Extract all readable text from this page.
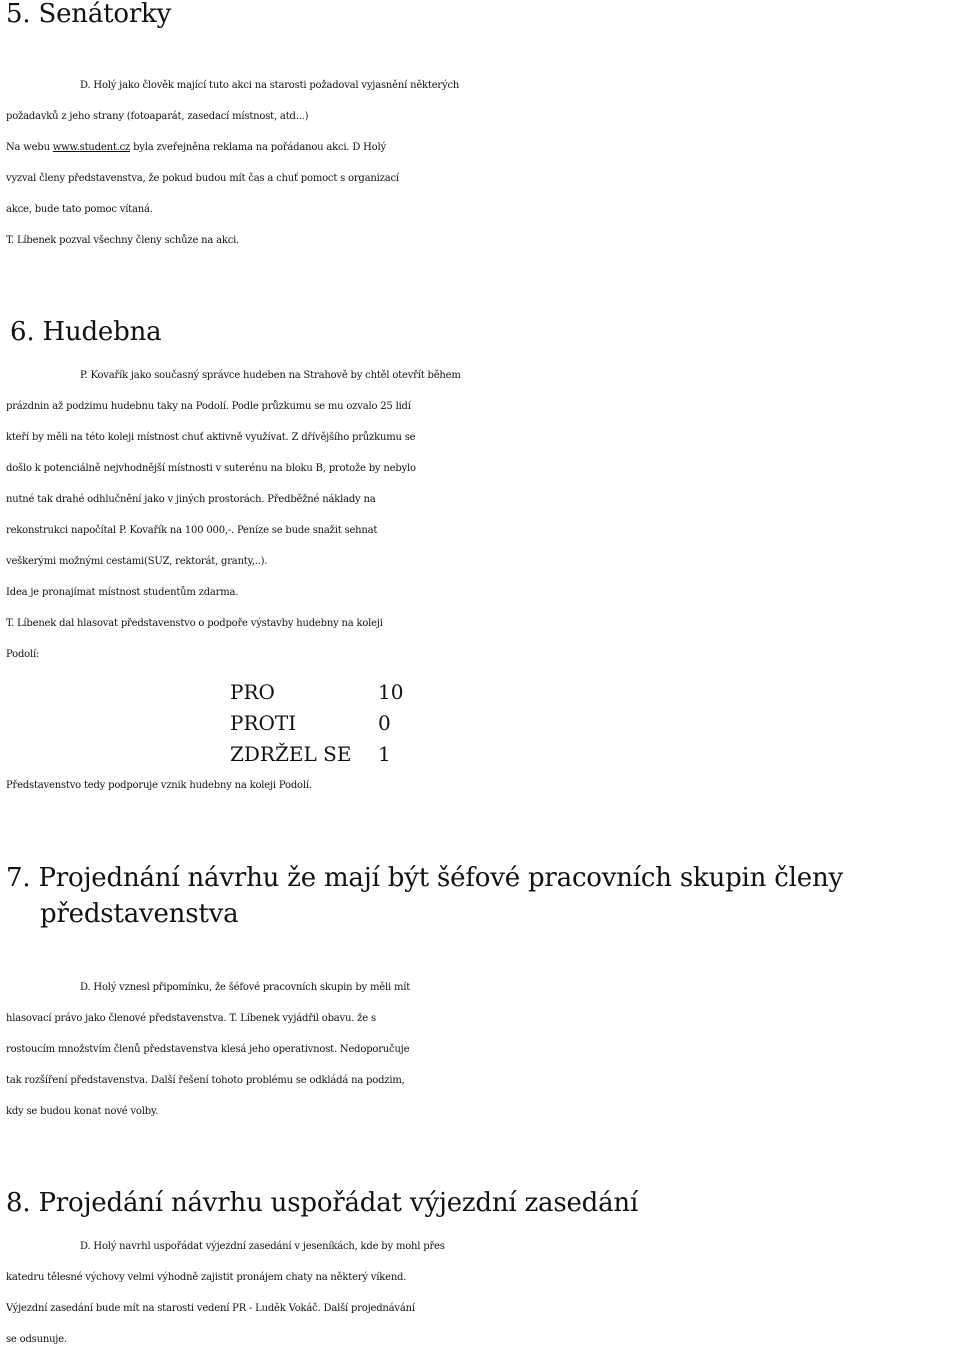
5. Senátorky
D. Holý jako člověk mající tuto akci na starosti požadoval vyjasnění některých
požadavků z jeho strany (fotoaparát, zasedací místnost, atd...)
Na webu www.student.cz byla zveřejněna reklama na pořádanou akci. D Holý
vyzval členy představenstva, že pokud budou mít čas a chuť pomoct s organizací
akce, bude tato pomoc vítaná.
T. Líbenek pozval všechny členy schůze na akci.
6. Hudebna
P. Kovařík jako současný správce hudeben na Strahově by chtěl otevřít během
prázdnin až podzimu hudebnu taky na Podolí. Podle průzkumu se mu ozvalo 25 lidí
kteří by měli na této koleji místnost chuť aktivně využívat. Z dřívějšího průzkumu se
došlo k potenciálně nejvhodnější místnosti v suterénu na bloku B, protože by nebylo
nutné tak drahé odhlučnění jako v jiných prostorách. Předběžné náklady na
rekonstrukci napočítal P. Kovařík na 100 000,-. Peníze se bude snažit sehnat
veškerými možnými cestami(SUZ, rektorát, granty,..).
Idea je pronajímat místnost studentům zdarma.
T. Líbenek dal hlasovat představenstvo o podpoře výstavby hudebny na koleji
Podolí:
PRO	10
PROTI	0
ZDRŽEL SE 1
Představenstvo tedy podporuje vznik hudebny na koleji Podolí.
7. Projednání návrhu že mají být šéfové pracovních skupin členy
představenstva
D. Holý vznesl připomínku, že šéfové pracovních skupin by měli mít
hlasovací právo jako členové představenstva. T. Líbenek vyjádřil obavu. že s
rostoucím množstvím členů představenstva klesá jeho operativnost. Nedoporučuje
tak rozšíření představenstva. Další řešení tohoto problému se odkládá na podzim,
kdy se budou konat nové volby.
8. Projedání návrhu uspořádat výjezdní zasedání
D. Holý navrhl uspořádat výjezdní zasedání v jeseníkách, kde by mohl přes
katedru tělesné výchovy velmi výhodně zajistit pronájem chaty na některý víkend.
Výjezdní zasedání bude mít na starosti vedení PR - Luděk Vokáč. Další projednávání
se odsunuje.
